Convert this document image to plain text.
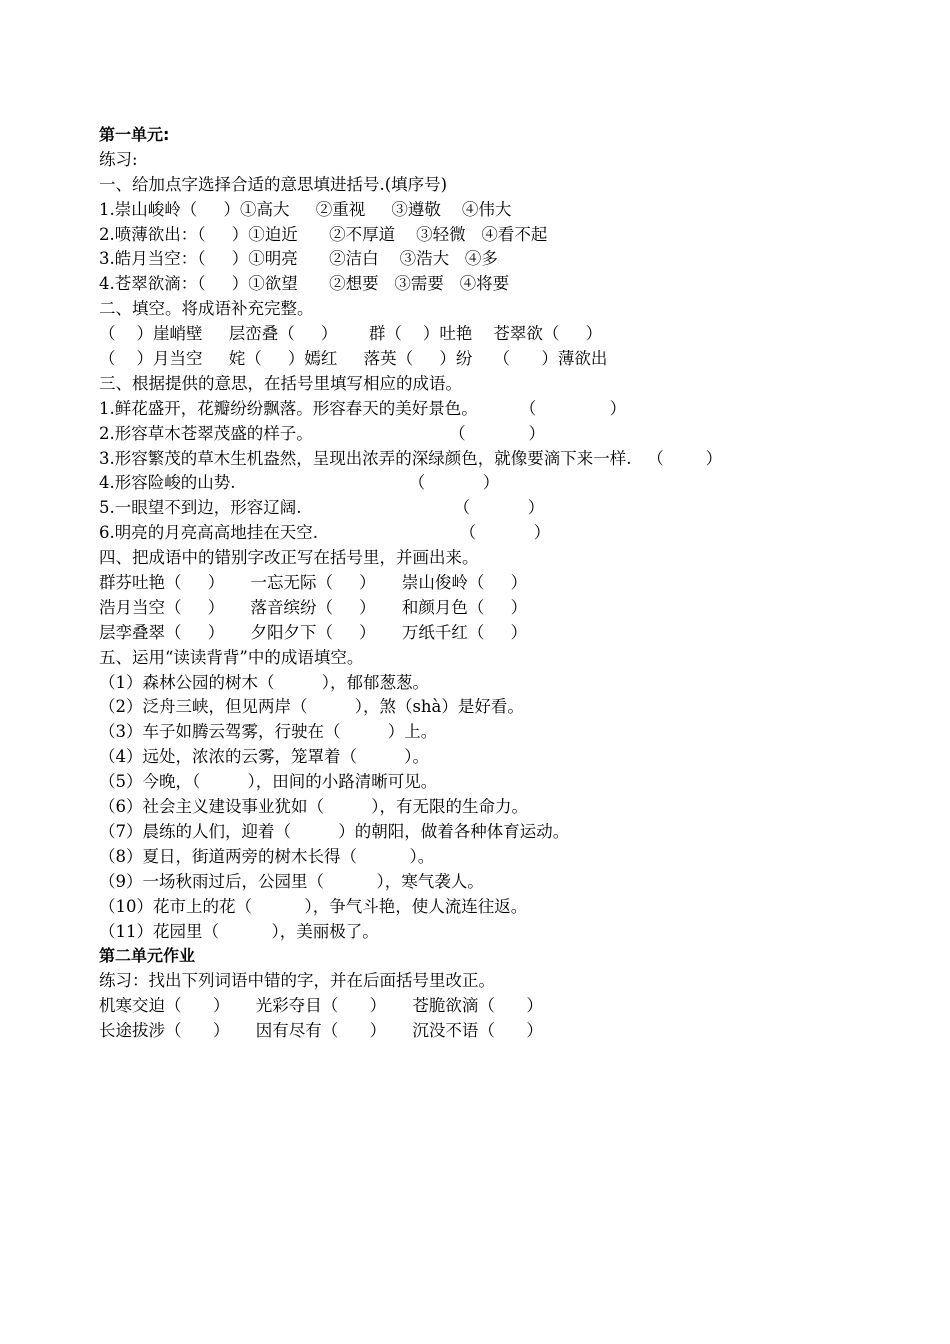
第一单元:
练习:
一、给加点字选择合适的意思填进括号.(填序号)
1.崇山峻岭（     ）①高大     ②重视     ③遵敬    ④伟大
2.喷薄欲出：（     ）①迫近      ②不厚道    ③轻微   ④看不起
3.皓月当空：（     ）①明亮      ②洁白    ③浩大   ④多
4.苍翠欲滴：（     ）①欲望      ②想要   ③需要   ④将要
二、填空。将成语补充完整。
（    ）崖峭壁     层峦叠（     ）      群（    ）吐艳    苍翠欲（     ）
（    ）月当空     姹（     ）嫣红     落英（     ）纷    （      ）薄欲出
三、根据提供的意思，在括号里填写相应的成语。
1.鲜花盛开，花瓣纷纷飘落。形容春天的美好景色。        （              ）
2.形容草木苍翠茂盛的样子。                          （            ）
3.形容繁茂的草木生机盎然，呈现出浓弄的深绿颜色，就像要滴下来一样.   （        ）
4.形容险峻的山势.                                 （           ）
5.一眼望不到边，形容辽阔.                             （           ）
6.明亮的月亮高高地挂在天空.                           （           ）
四、把成语中的错别字改正写在括号里，并画出来。
群芬吐艳（     ）     一忘无际（     ）     崇山俊岭（     ）
浩月当空（     ）     落音缤纷（     ）     和颜月色（     ）
层孪叠翠（     ）     夕阳夕下（     ）     万纸千红（     ）
五、运用“读读背背”中的成语填空。
（1）森林公园的树木（         ），郁郁葱葱。
（2）泛舟三峡，但见两岸（         ），煞（shà）是好看。
（3）车子如腾云驾雾，行驶在（         ）上。
（4）远处，浓浓的云雾，笼罩着（         ）。
（5）今晚，（         ），田间的小路清晰可见。
（6）社会主义建设事业犹如（         ），有无限的生命力。
（7）晨练的人们，迎着（         ）的朝阳，做着各种体育运动。
（8）夏日，街道两旁的树木长得（          ）。
（9）一场秋雨过后，公园里（          ），寒气袭人。
（10）花市上的花（          ），争气斗艳，使人流连往返。
（11）花园里（          ），美丽极了。
第二单元作业
练习：找出下列词语中错的字，并在后面括号里改正。
机寒交迫（      ）     光彩夺目（      ）     苍脆欲滴（      ）
长途拔涉（      ）     因有尽有（      ）     沉没不语（      ）
